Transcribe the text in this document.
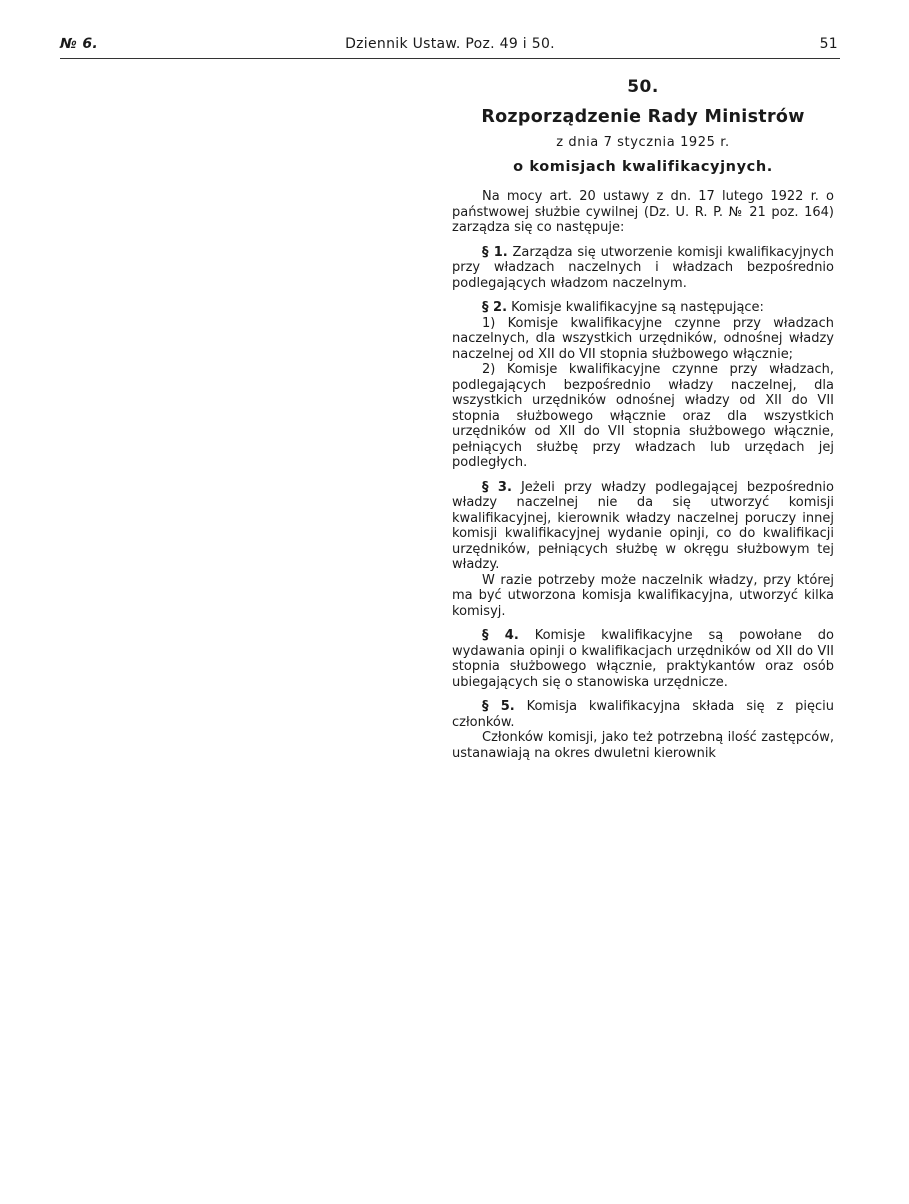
№ 6.	Dziennik Ustaw. Poz. 49 i 50.	51
50.
Rozporządzenie Rady Ministrów
z dnia 7 stycznia 1925 r.
o komisjach kwalifikacyjnych.

Na mocy art. 20 ustawy z dn. 17 lutego 1922 r. o państwowej służbie cywilnej (Dz. U. R. P. № 21 poz. 164) zarządza się co następuje:

§ 1. Zarządza się utworzenie komisji kwalifikacyjnych przy władzach naczelnych i władzach bezpośrednio podlegających władzom naczelnym.

§ 2. Komisje kwalifikacyjne są następujące:

1) Komisje kwalifikacyjne czynne przy władzach naczelnych, dla wszystkich urzędników, odnośnej władzy naczelnej od XII do VII stopnia służbowego włącznie;

2) Komisje kwalifikacyjne czynne przy władzach, podlegających bezpośrednio władzy naczelnej, dla wszystkich urzędników odnośnej władzy od XII do VII stopnia służbowego włącznie oraz dla wszystkich urzędników od XII do VII stopnia służbowego włącznie, pełniących służbę przy władzach lub urzędach jej podległych.

§ 3. Jeżeli przy władzy podlegającej bezpośrednio władzy naczelnej nie da się utworzyć komisji kwalifikacyjnej, kierownik władzy naczelnej poruczy innej komisji kwalifikacyjnej wydanie opinji, co do kwalifikacji urzędników, pełniących służbę w okręgu służbowym tej władzy.

W razie potrzeby może naczelnik władzy, przy której ma być utworzona komisja kwalifikacyjna, utworzyć kilka komisyj.

§ 4. Komisje kwalifikacyjne są powołane do wydawania opinji o kwalifikacjach urzędników od XII do VII stopnia służbowego włącznie, praktykantów oraz osób ubiegających się o stanowiska urzędnicze.

§ 5. Komisja kwalifikacyjna składa się z pięciu członków.

Członków komisji, jako też potrzebną ilość zastępców, ustanawiają na okres dwuletni kierownik
